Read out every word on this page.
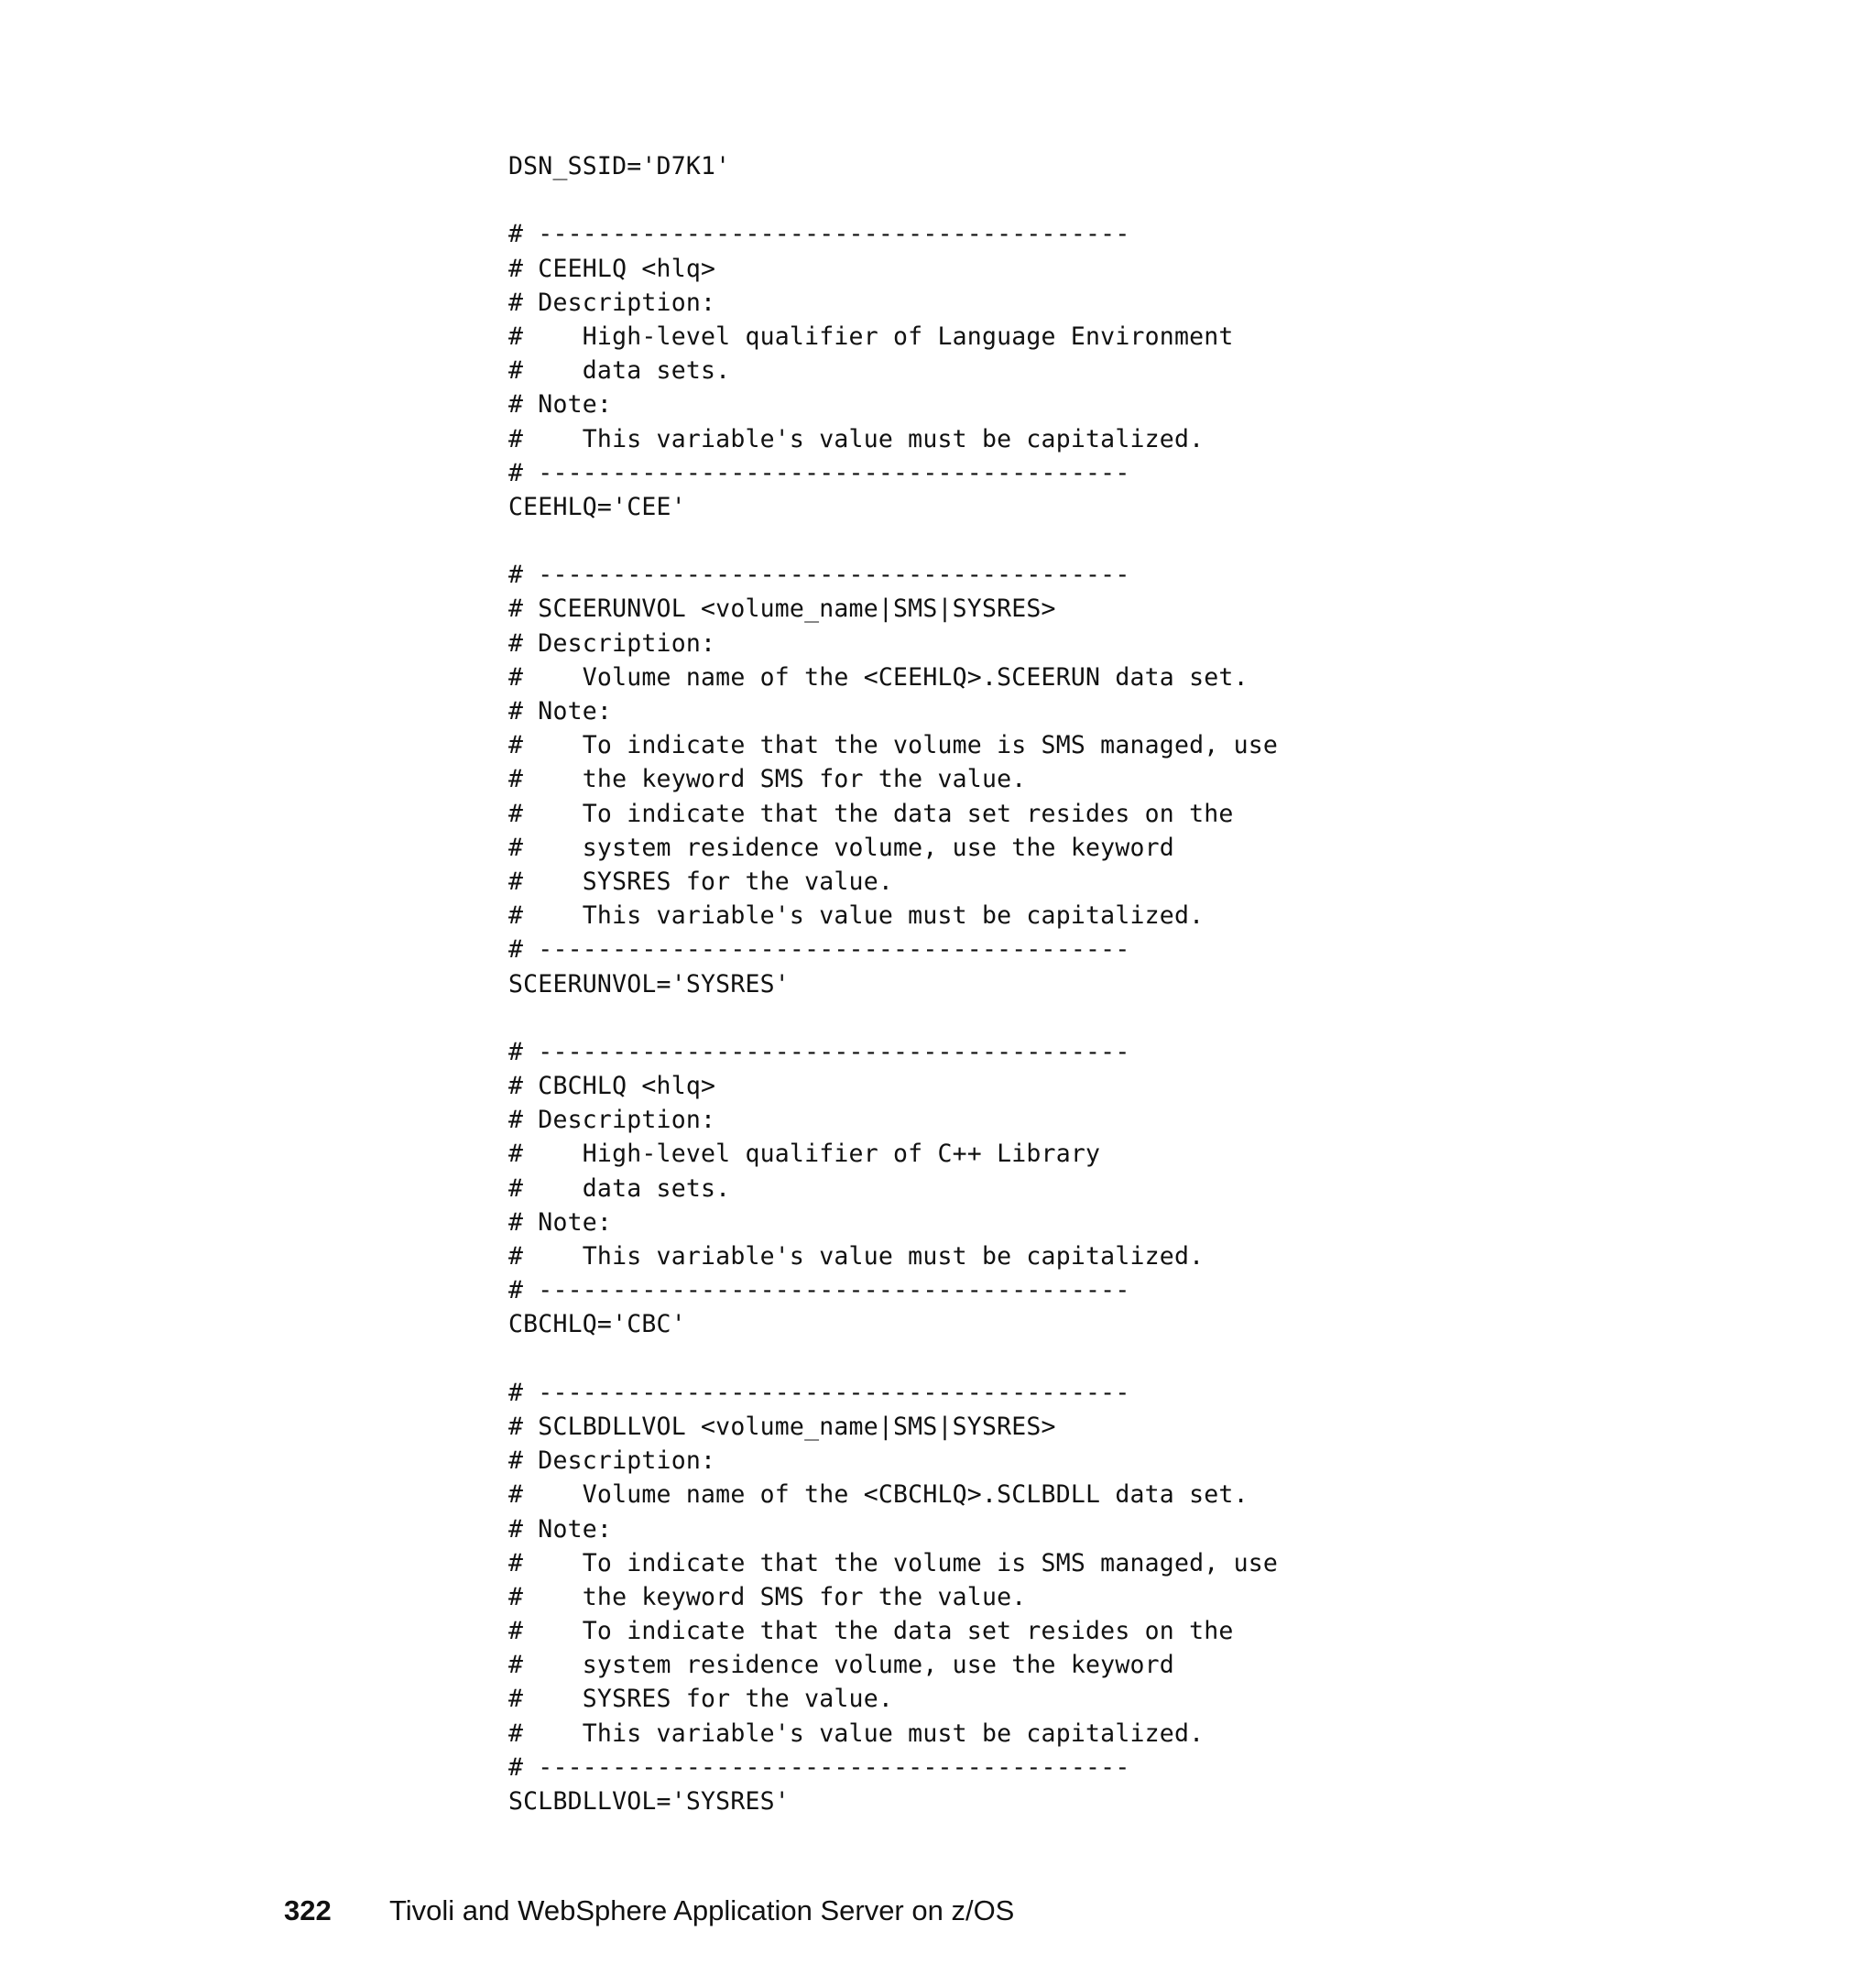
DSN_SSID='D7K1'

# ----------------------------------------
# CEEHLQ <hlq>
# Description:
#    High-level qualifier of Language Environment
#    data sets.
# Note:
#    This variable's value must be capitalized.
# ----------------------------------------
CEEHLQ='CEE'

# ----------------------------------------
# SCEERUNVOL <volume_name|SMS|SYSRES>
# Description:
#    Volume name of the <CEEHLQ>.SCEERUN data set.
# Note:
#    To indicate that the volume is SMS managed, use
#    the keyword SMS for the value.
#    To indicate that the data set resides on the
#    system residence volume, use the keyword
#    SYSRES for the value.
#    This variable's value must be capitalized.
# ----------------------------------------
SCEERUNVOL='SYSRES'

# ----------------------------------------
# CBCHLQ <hlq>
# Description:
#    High-level qualifier of C++ Library
#    data sets.
# Note:
#    This variable's value must be capitalized.
# ----------------------------------------
CBCHLQ='CBC'

# ----------------------------------------
# SCLBDLLVOL <volume_name|SMS|SYSRES>
# Description:
#    Volume name of the <CBCHLQ>.SCLBDLL data set.
# Note:
#    To indicate that the volume is SMS managed, use
#    the keyword SMS for the value.
#    To indicate that the data set resides on the
#    system residence volume, use the keyword
#    SYSRES for the value.
#    This variable's value must be capitalized.
# ----------------------------------------
SCLBDLLVOL='SYSRES'
322 Tivoli and WebSphere Application Server on z/OS
